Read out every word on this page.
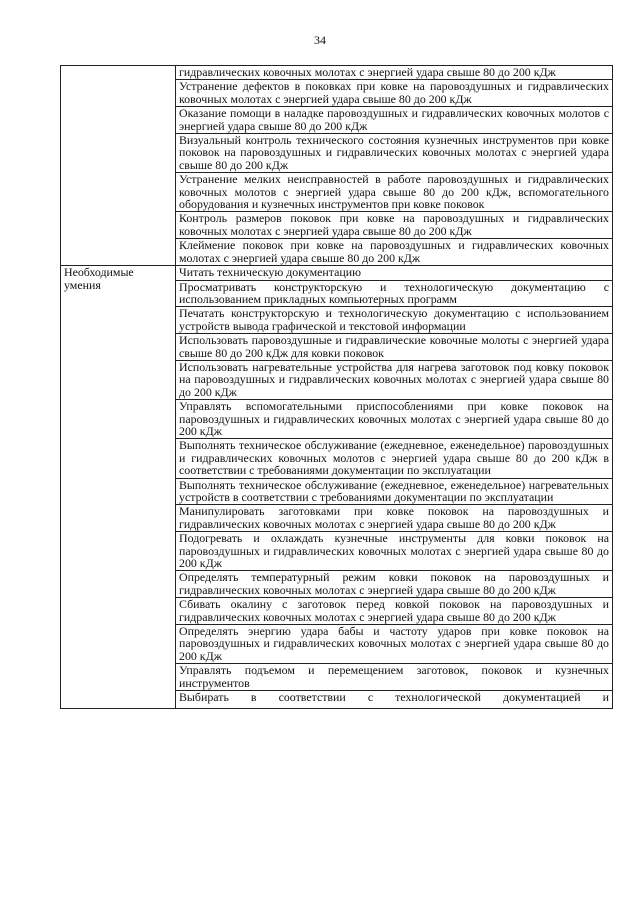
34
	гидравлических ковочных молотах с энергией удара свыше 80 до 200 кДж
	Устранение дефектов в поковках при ковке на паровоздушных и гидравлических ковочных молотах с энергией удара свыше 80 до 200 кДж
	Оказание помощи в наладке паровоздушных и гидравлических ковочных молотов с энергией удара свыше 80 до 200 кДж
	Визуальный контроль технического состояния кузнечных инструментов при ковке поковок на паровоздушных и гидравлических ковочных молотах с энергией удара свыше 80 до 200 кДж
	Устранение мелких неисправностей в работе паровоздушных и гидравлических ковочных молотов с энергией удара свыше 80 до 200 кДж, вспомогательного оборудования и кузнечных инструментов при ковке поковок
	Контроль размеров поковок при ковке на паровоздушных и гидравлических ковочных молотах с энергией удара свыше 80 до 200 кДж
	Клеймение поковок при ковке на паровоздушных и гидравлических ковочных молотах с энергией удара свыше 80 до 200 кДж
Необходимые умения	Читать техническую документацию
	Просматривать конструкторскую и технологическую документацию с использованием прикладных компьютерных программ
	Печатать конструкторскую и технологическую документацию с использованием устройств вывода графической и текстовой информации
	Использовать паровоздушные и гидравлические ковочные молоты с энергией удара свыше 80 до 200 кДж для ковки поковок
	Использовать нагревательные устройства для нагрева заготовок под ковку поковок на паровоздушных и гидравлических ковочных молотах с энергией удара свыше 80 до 200 кДж
	Управлять вспомогательными приспособлениями при ковке поковок на паровоздушных и гидравлических ковочных молотах с энергией удара свыше 80 до 200 кДж
	Выполнять техническое обслуживание (ежедневное, еженедельное) паровоздушных и гидравлических ковочных молотов с энергией удара свыше 80 до 200 кДж в соответствии с требованиями документации по эксплуатации
	Выполнять техническое обслуживание (ежедневное, еженедельное) нагревательных устройств в соответствии с требованиями документации по эксплуатации
	Манипулировать заготовками при ковке поковок на паровоздушных и гидравлических ковочных молотах с энергией удара свыше 80 до 200 кДж
	Подогревать и охлаждать кузнечные инструменты для ковки поковок на паровоздушных и гидравлических ковочных молотах с энергией удара свыше 80 до 200 кДж
	Определять температурный режим ковки поковок на паровоздушных и гидравлических ковочных молотах с энергией удара свыше 80 до 200 кДж
	Сбивать окалину с заготовок перед ковкой поковок на паровоздушных и гидравлических ковочных молотах с энергией удара свыше 80 до 200 кДж
	Определять энергию удара бабы и частоту ударов при ковке поковок на паровоздушных и гидравлических ковочных молотах с энергией удара свыше 80 до 200 кДж
	Управлять подъемом и перемещением заготовок, поковок и кузнечных инструментов
	Выбирать в соответствии с технологической документацией и
